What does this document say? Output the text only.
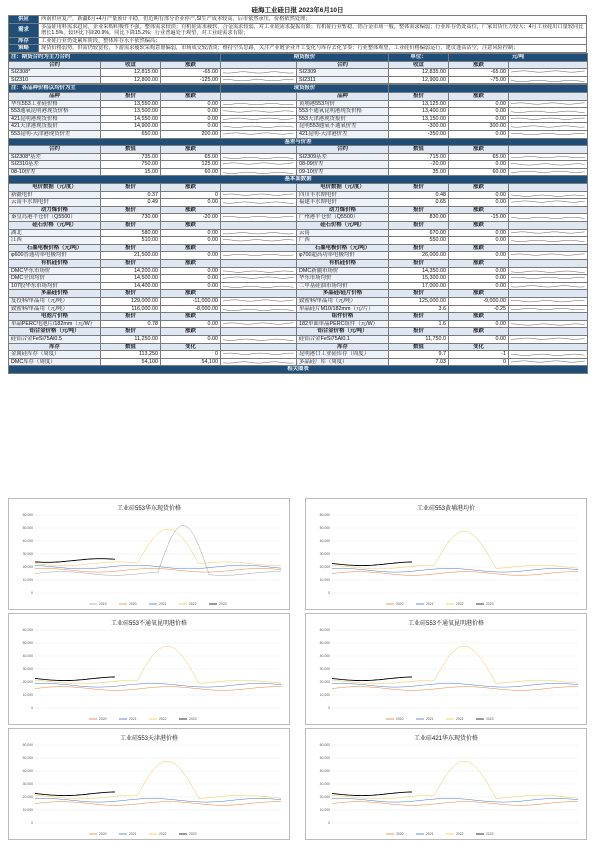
硅海工业硅日报 2023年6月10日
供应	西南供应复产，新疆6月+4月产量预计平稳，但近期有部分企业停产,SI生产成本较高，后市依然承压，价格依然处理；
需求	多晶硅用料需求趋同，企业采购积极性不强，整体需求较淡；有机硅需求疲软，合金需求较弱，对工业硅需求提振有限；有机硅行业暂稳，铝合金市场一般，整体需求偏弱；行业库存仍处高位，厂家出货压力较大；4月工业硅出口量较同比增长1.5%，较环比下降20.9%，同比下降15.2%；行业普遍处于观望，对工业硅需求有限；
库存	工业硅行业仍处累库阶段，整体库存水平依然偏高；
策略	现货价格弱势，供需仍较宽松，下游需求疲软采购意愿偏弱，市场成交较清淡；维持空头思路，关注产业链企业开工变化与库存去化节奏；行业整体观望，工业硅价格偏弱运行，建议逢高沽空，注意风险控制；
注：期货合约为主力合约			期货报价		单位：	元/吨	
合约	收盘	涨跌		合约	收盘	涨跌	
SI2308*	12,815.00	-65.00		SI2309	12,835.00	-65.00	

SI2310	12,800.00	-125.00		SI2311	12,900.00	-75.00	
注：各品种价格以均价为主			现货报价				
品种	报价	涨跌		品种	报价	涨跌	
华东553工业硅价格	13,550.00	0.00		黄埔港553均价	13,125.00	0.00	

553通氧昆明港现货价格	13,500.00	0.00		553不通氧昆明港现货价格	13,400.00	0.00	

421昆明港现货价格	14,550.00	0.00		553天津港现货报价	13,150.00	0.00	

421天津港现货报价	14,900.00	0.00		昆明553通氧不通氧价差	-300.00	300.00	

553昆明-天津港现货价差	650.00	200.00		421昆明-天津港价差	-350.00	0.00	

基差与价差							
合约	数值	涨跌		合约	数值	涨跌	
SI2308*基差	735.00	65.00		SI2309基差	715.00	65.00	

SI2310基差	750.00	125.00		08-09价差	-20.00	0.00	

08-10价差	15.00	60.00		09-10价差	35.00	60.00	

基本面数据							
电价数据（元/度）	报价	涨跌		电价数据（元/度）	报价	涨跌	
新疆电价	0.37	0		四川丰水期电价	0.48	0.00	

云南丰水期电价	0.49	0.00		福建丰水期电价	0.65	0.00	

动力煤价格	报价	涨跌		动力煤价格	报价	涨跌	
秦皇岛港平仓价（Q5500）	730.00	-20.00		广州港平仓价（Q5500）	830.00	-15.00	

硅石价格（元/吨）	报价	涨跌		硅石价格（元/吨）	报价	涨跌	
湖北	580.00	0.00		云南	670.00	0.00	

江西	510.00	0.00		广西	550.00	0.00	

石墨电极价格（元/吨）	报价	涨跌		石墨电极价格（元/吨）	报价	涨跌	
φ600普通功率电极均价	21,500.00	0.00		φ700超高功率电极均价	26,000.00	0.00	

有机硅价格	报价	涨跌		有机硅价格	报价	涨跌	
DMC华东市场价	14,200.00	0.00		DMC新疆市场价	14,350.00	0.00	

DMC全国均价	14,500.00	0.00		华东市场均价	15,300.00	0.00	

107胶华东市场均价	14,400.00	0.00		二甲基硅油市场均价	17,000.00	0.00	

多晶硅价格	报价	涨跌		多晶硅/硅片价格	报价	涨跌	
复投料/单晶用（元/吨）	129,000.00	-11,000.00		致密料/单晶用（元/吨）	125,000.00	-9,000.00	

致密料/单晶用（元/吨）	116,000.00	-8,000.00		单晶硅片M10/182mm（元/片）	3.6	-0.25	

电池片价格	报价	涨跌		组件价格	报价	涨跌	
单晶PERC电池片/182mm（元/W）	0.78	0.00		182单面单晶PERC组件（元/W）	1.6	0.00	

铝合金价格（元/吨）	报价	涨跌		铝合金价格（元/吨）	报价	涨跌	
硅铝合金FeSi75Al0.5	11,250.00	0.00		硅铝合金FeSi75Al0.1	11,750.0	0.00	

库存	数值	变化		库存	数值	变化	
金属硅库存（周度）	113,250	0		昆明港口工业硅库存（周度）	9.7	-1	

DMC库存（周度）	54,100	54,100		多晶硅厂库（周度）	7.03	0	

相关图表							
工业硅553华东现货价格
60,000
50,000
40,000
30,000
20,000
10,000
0
2019	2020	2021	2022	2023
工业硅553黄埔港均价
60,000
50,000
40,000
30,000
20,000
10,000
0
2020	2021	2022	2023
工业硅553不通氧昆明港价格
60,000
50,000
40,000
30,000
20,000
10,000
0
2020	2021	2022	2023
工业硅553不通氧昆明港价格
60,000
50,000
40,000
30,000
20,000
10,000
0
2020	2021	2022	2023
工业硅553天津港价格
60,000
50,000
40,000
30,000
20,000
10,000
0
2020	2021	2022	2023
工业硅421华东现货价格
60,000
50,000
40,000
30,000
20,000
10,000
0
2020	2021	2022	2023
